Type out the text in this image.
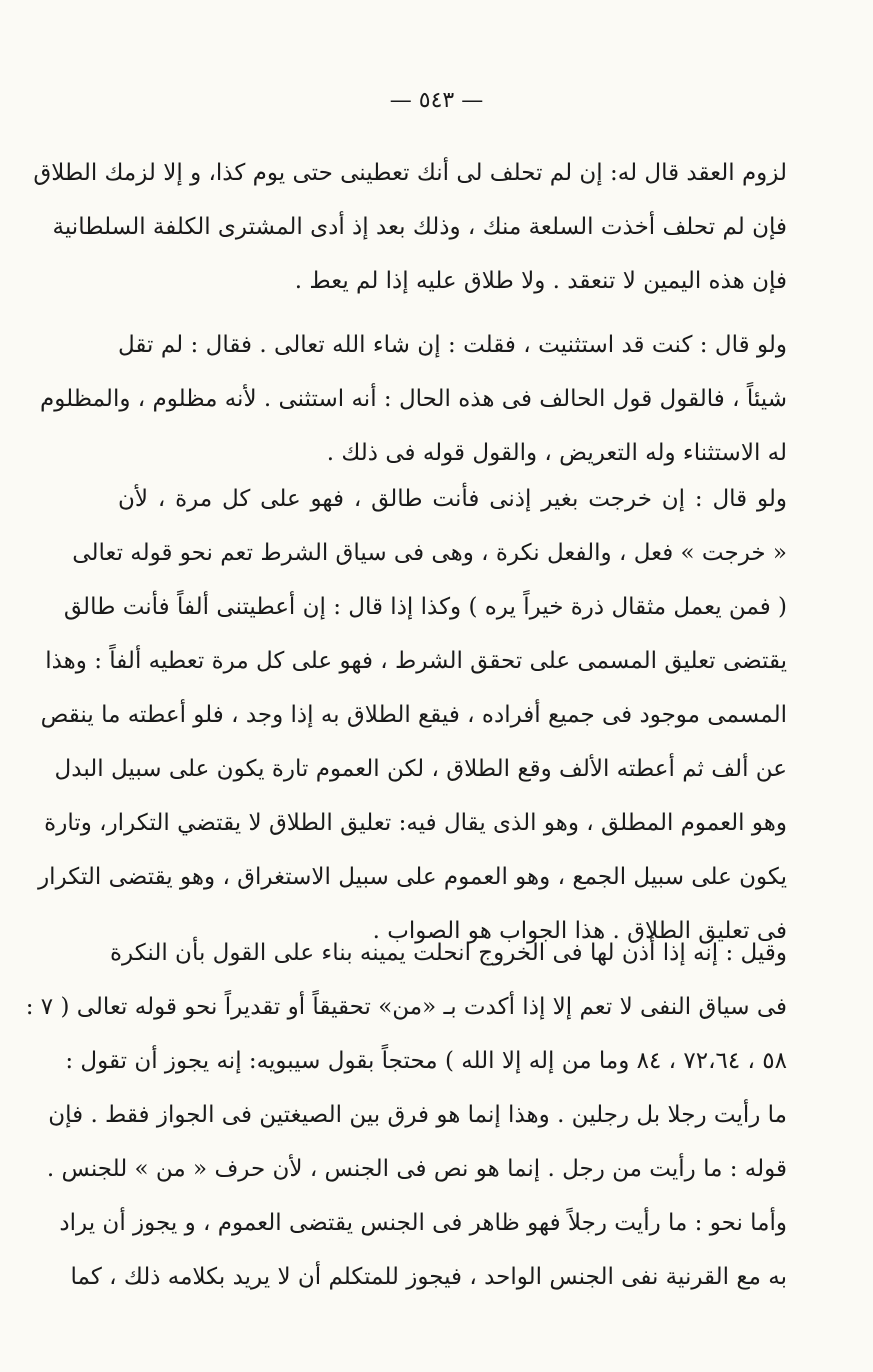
— ٥٤٣ —
لزوم العقد قال له: إن لم تحلف لى أنك تعطينى حتى يوم كذا، و إلا لزمك الطلاق
فإن لم تحلف أخذت السلعة منك ، وذلك بعد إذ أدى المشترى الكلفة السلطانية
فإن هذه اليمين لا تنعقد . ولا طلاق عليه إذا لم يعط .
ولو قال : كنت قد استثنيت ، فقلت : إن شاء الله تعالى . فقال : لم تقل
شيئاً ، فالقول قول الحالف فى هذه الحال : أنه استثنى . لأنه مظلوم ، والمظلوم
له الاستثناء وله التعريض ، والقول قوله فى ذلك .
ولو قال : إن خرجت بغير إذنى فأنت طالق ، فهو على كل مرة ، لأن
« خرجت » فعل ، والفعل نكرة ، وهى فى سياق الشرط تعم نحو قوله تعالى
( فمن يعمل مثقال ذرة خيراً يره ) وكذا إذا قال : إن أعطيتنى ألفاً فأنت طالق
يقتضى تعليق المسمى على تحقق الشرط ، فهو على كل مرة تعطيه ألفاً : وهذا
المسمى موجود فى جميع أفراده ، فيقع الطلاق به إذا وجد ، فلو أعطته ما ينقص
عن ألف ثم أعطته الألف وقع الطلاق ، لكن العموم تارة يكون على سبيل البدل
وهو العموم المطلق ، وهو الذى يقال فيه: تعليق الطلاق لا يقتضي التكرار، وتارة
يكون على سبيل الجمع ، وهو العموم على سبيل الاستغراق ، وهو يقتضى التكرار
فى تعليق الطلاق . هذا الجواب هو الصواب .
وقيل : إنه إذا أذن لها فى الخروج انحلت يمينه بناء على القول بأن النكرة
فى سياق النفى لا تعم إلا إذا أكدت بـ «من» تحقيقاً أو تقديراً نحو قوله تعالى ( ٧ :
٥٨ ، ٧٢،٦٤ ، ٨٤ وما من إله إلا الله ) محتجاً بقول سيبويه: إنه يجوز أن تقول :
ما رأيت رجلا بل رجلين . وهذا إنما هو فرق بين الصيغتين فى الجواز فقط . فإن
قوله : ما رأيت من رجل . إنما هو نص فى الجنس ، لأن حرف « من » للجنس .
وأما نحو : ما رأيت رجلاً فهو ظاهر فى الجنس يقتضى العموم ، و يجوز أن يراد
به مع القرنية نفى الجنس الواحد ، فيجوز للمتكلم أن لا يريد بكلامه ذلك ، كما
